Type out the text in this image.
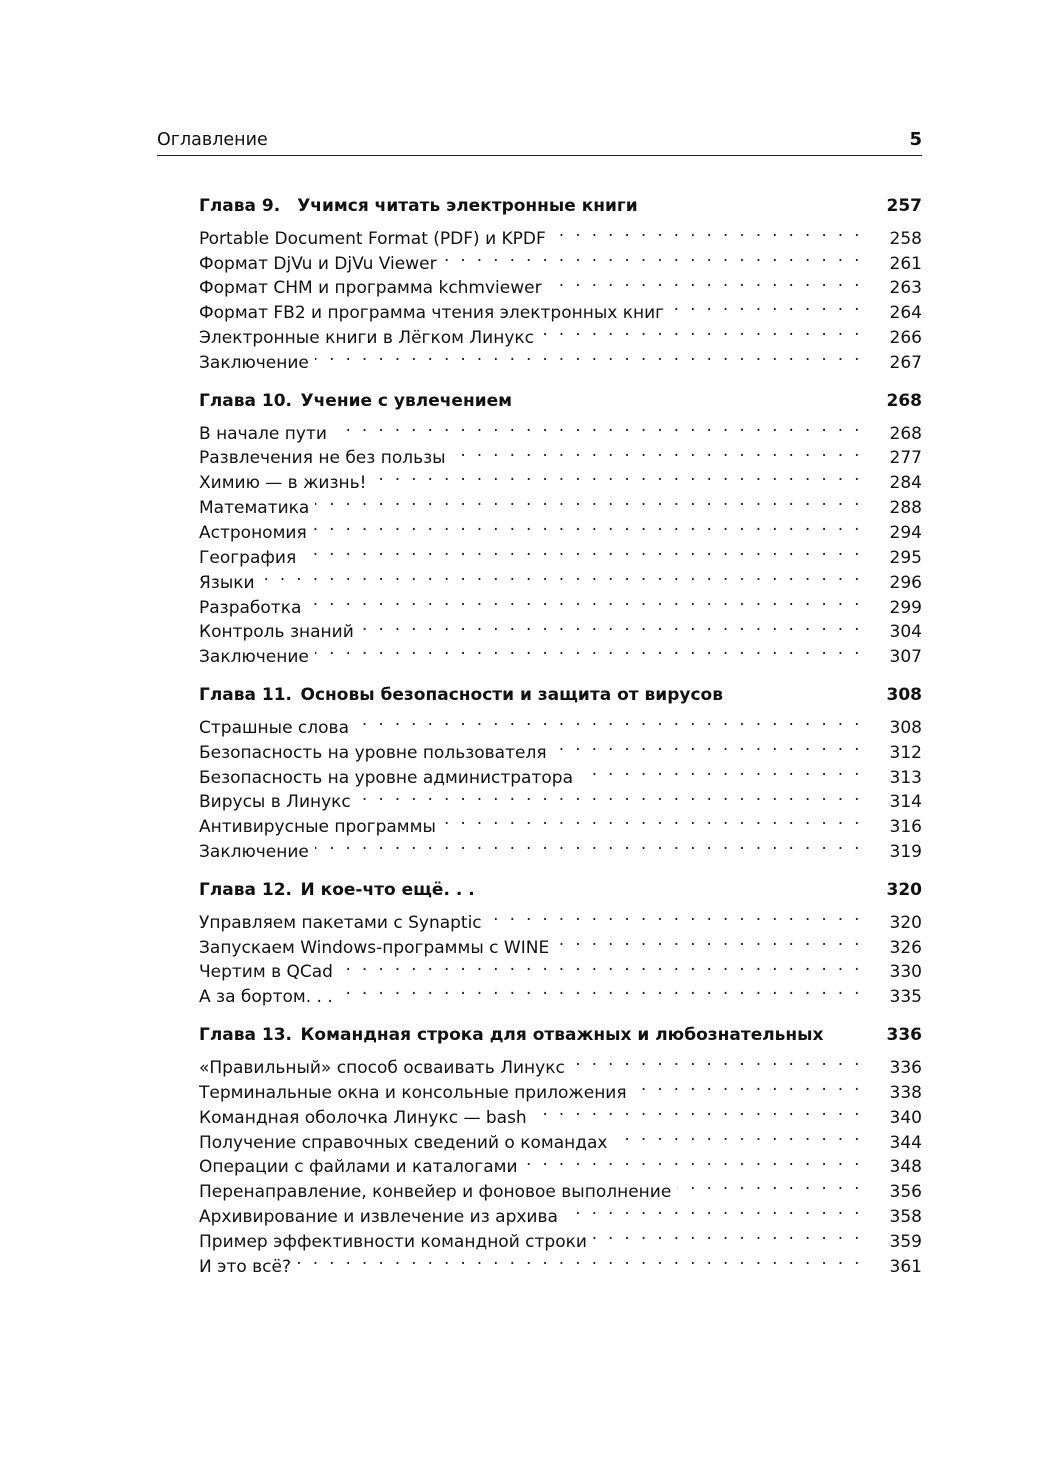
Оглавление	5
Глава 9. Учимся читать электронные книги	257
Portable Document Format (PDF) и KPDF . . .	258
Формат DjVu и DjVu Viewer . . .	261
Формат CHM и программа kchmviewer . . .	263
Формат FB2 и программа чтения электронных книг . . .	264
Электронные книги в Лёгком Линукс . . .	266
Заключение . . .	267
Глава 10. Учение с увлечением	268
В начале пути . . .	268
Развлечения не без пользы . . .	277
Химию — в жизнь! . . .	284
Математика . . .	288
Астрономия . . .	294
География . . .	295
Языки . . .	296
Разработка . . .	299
Контроль знаний . . .	304
Заключение . . .	307
Глава 11. Основы безопасности и защита от вирусов	308
Страшные слова . . .	308
Безопасность на уровне пользователя . . .	312
Безопасность на уровне администратора . . .	313
Вирусы в Линукс . . .	314
Антивирусные программы . . .	316
Заключение . . .	319
Глава 12. И кое-что ещё. . .	320
Управляем пакетами с Synaptic . . .	320
Запускаем Windows-программы с WINE . . .	326
Чертим в QCad . . .	330
А за бортом. . . . . .	335
Глава 13. Командная строка для отважных и любознательных	336
«Правильный» способ осваивать Линукс . . .	336
Терминальные окна и консольные приложения . . .	338
Командная оболочка Линукс — bash . . .	340
Получение справочных сведений о командах . . .	344
Операции с файлами и каталогами . . .	348
Перенаправление, конвейер и фоновое выполнение . . .	356
Архивирование и извлечение из архива . . .	358
Пример эффективности командной строки . . .	359
И это всё? . . .	361
